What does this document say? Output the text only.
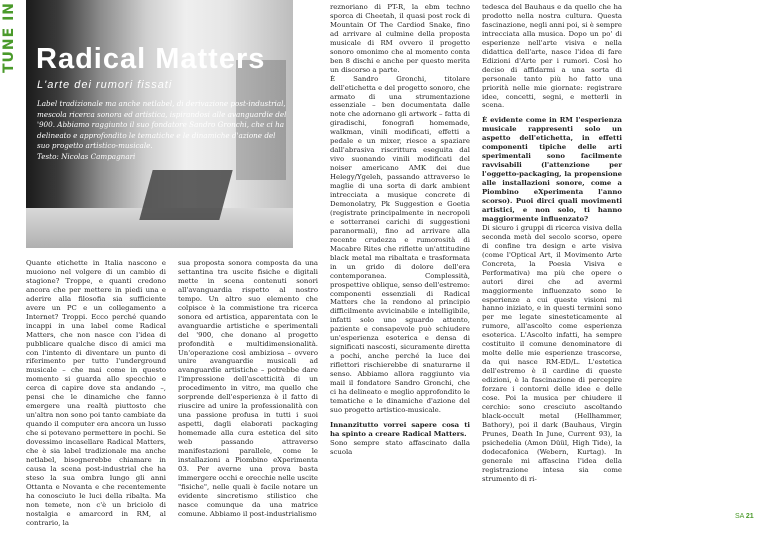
TUNE IN Radical Matters
L'arte dei rumori fissati
Label tradizionale ma anche netlabel, di derivazione post-industrial, mescola ricerca sonora ed artistica, ispirandosi alle avanguardie del '900. Abbiamo raggiunto il suo fondatore Sandro Gronchi, che ci ha delineato e approfondito le tematiche e le dinamiche d'azione del suo progetto artistico-musicale.
Testo: Nicolas Campagnari

Quante etichette in Italia nascono e muoiono nel volgere di un cambio di stagione? Troppe, e quanti credono ancora che per mettere in piedi una e aderire alla filosofia sia sufficiente avere un PC e un collegamento a Internet? Troppi. Ecco perché quando incappi in una label come Radical Matters, che non nasce con l'idea di pubblicare qualche disco di amici ma con l'intento di diventare un punto di riferimento per tutto l'underground musicale – che mai come in questo momento si guarda allo specchio e cerca di capire dove sta andando –, pensi che le dinamiche che fanno emergere una realtà piuttosto che un'altra non sono poi tanto cambiate da quando il computer era ancora un lusso che si potevano permettere in pochi. Se dovessimo incasellare Radical Matters, che è sia label tradizionale ma anche netlabel, bisognerebbe chiamare in causa la scena post-industrial che ha steso la sua ombra lungo gli anni Ottanta e Novanta e che recentemente ha conosciuto le luci della ribalta. Ma non temete, non c'è un briciolo di nostalgia e amarcord in RM, al contrario, la

sua proposta sonora composta da una settantina tra uscite fisiche e digitali mette in scena contenuti sonori all'avanguardia rispetto al nostro tempo. Un altro suo elemento che colpisce è la commistione tra ricerca sonora ed artistica, apparentata con le avanguardie artistiche e sperimentali del '900, che donano al progetto profondità e multidimensionalità. Un'operazione così ambiziosa – ovvero unire avanguardie musicali ad avanguardie artistiche – potrebbe dare l'impressione dell'ascetticità di un procedimento in vitro, ma quello che sorprende dell'esperienza è il fatto di riuscire ad unire la professionalità con una passione profusa in tutti i suoi aspetti, dagli elaborati packaging homemade alla cura estetica del sito web passando attraverso manifestazioni parallele, come le installazioni a Piombino eXperimenta 03. Per averne una prova basta immergere occhi e orecchie nelle uscite "fisiche", nelle quali è facile notare un evidente sincretismo stilistico che nasce comunque da una matrice comune. Abbiamo il post-industrialismo

reznoriano di PT-R, la ebm techno sporca di Cheetah, il quasi post rock di Mountain Of The Cardiod Snake, fino ad arrivare al culmine della proposta musicale di RM ovvero il progetto sonoro omonimo che al momento conta ben 8 dischi e anche per questo merita un discorso a parte.

È Sandro Gronchi, titolare dell'etichetta e del progetto sonoro, che armato di una strumentazione essenziale – ben documentata dalle note che adornano gli artwork – fatta di giradischi, fonografi homemade, walkman, vinili modificati, effetti a pedale e un mixer, riesce a spaziare dall'abrasiva riscrittura eseguita dal vivo suonando vinili modificati del noiser americano AMK dei due Helegy/Ygeleh, passando attraverso le maglie di una sorta di dark ambient intrecciata a musique concrete di Demonolatry, Pk Suggestion e Goetia (registrate principalmente in necropoli e sotterranei carichi di suggestioni paranormali), fino ad arrivare alla recente crudezza e rumorosità di Macabre Rites che riflette un'attitudine black metal ma ribaltata e trasformata in un grido di dolore dell'era contemporanea. Complessità, prospettive oblique, senso dell'estremo: componenti essenziali di Radical Matters che la rendono al principio difficilmente avvicinabile e intelligibile, infatti solo uno sguardo attento, paziente e consapevole può schiudere un'esperienza esoterica e densa di significati nascosti, sicuramente diretta a pochi, anche perché la luce dei riflettori rischierebbe di snaturarne il senso. Abbiamo allora raggiunto via mail il fondatore Sandro Gronchi, che ci ha delineato e meglio approfondito le tematiche e le dinamiche d'azione del suo progetto artistico-musicale.

Innanzitutto vorrei sapere cosa ti ha spinto a creare Radical Matters.

Sono sempre stato affascinato dalla scuola

tedesca del Bauhaus e da quello che ha prodotto nella nostra cultura. Questa fascinazione, negli anni poi, si è sempre intrecciata alla musica. Dopo un po' di esperienze nell'arte visiva e nella didattica dell'arte, nasce l'idea di fare Edizioni d'Arte per i rumori. Così ho deciso di affidarmi a una sorta di personale tanto più ho fatto una priorità nelle mie giornate: registrare idee, concetti, segni, e metterli in scena.

È evidente come in RM l'esperienza musicale rappresenti solo un aspetto dell'etichetta, in effetti componenti tipiche delle arti sperimentali sono facilmente ravvisabili (l'attenzione per l'oggetto-packaging, la propensione alle installazioni sonore, come a Piombino eXperimenta l'anno scorso). Puoi dirci quali movimenti artistici, e non solo, ti hanno maggiormente influenzato?

Di sicuro i gruppi di ricerca visiva della seconda metà del secolo scorso, opere di confine tra design e arte visiva (come l'Optical Art, il Movimento Arte Concreta, la Poesia Visiva e Performativa) ma più che opere o autori direi che ad avermi maggiormente influenzato sono le esperienze a cui queste visioni mi hanno iniziato, e in questi termini sono per me legate sinesteticamente al rumore, all'ascolto come esperienza esoterica. L'Ascolto infatti, ha sempre costituito il comune denominatore di molte delle mie esperienze trascorse, da qui nasce RM-ED/L. L'estetica dell'estremo è il cardine di queste edizioni, è la fascinazione di percepire forzare i contorni delle idee e delle cose. Poi la musica per chiudere il cerchio: sono cresciuto ascoltando black-occult metal (Hellhammer, Bathory), poi il dark (Bauhaus, Virgin Prunes, Death In June, Current 93), la psichedelia (Amon Düül, High Tide), la dodecafonica (Webern, Kurtag). In generale mi affascina l'idea della registrazione intesa sia come strumento di ri-

SA 21
